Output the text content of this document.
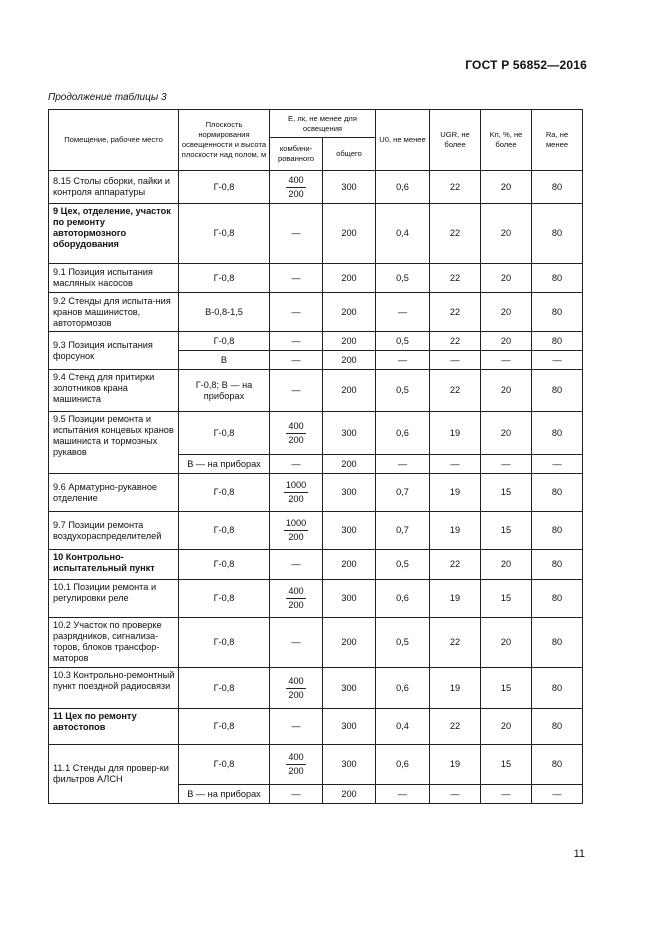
ГОСТ Р 56852—2016
Продолжение таблицы 3
Помещение, рабочее место	Плоскость нормирования освещенности и высота плоскости над полом, м	E, лк, не менее для освещения		U0, не менее	UGR, не более	Kп, %, не более	Ra, не менее
		комбини-рованного	общего				
8.15 Столы сборки, пайки и контроля аппаратуры	Г-0,8	$\frac{400}{200}$	300	0,6	22	20	80
9 Цех, отделение, участок по ремонту автотормозного оборудования	Г-0,8	—	200	0,4	22	20	80
9.1 Позиция испытания масляных насосов	Г-0,8	—	200	0,5	22	20	80
9.2 Стенды для испыта-ния кранов машинистов, автотормозов	В-0,8-1,5	—	200	—	22	20	80
9.3 Позиция испытания форсунок	Г-0,8	—	200	0,5	22	20	80
	В	—	200	—	—	—	—
9.4 Стенд для притирки золотников крана машиниста	Г-0,8; В — на приборах	—	200	0,5	22	20	80
9.5 Позиции ремонта и испытания концевых кранов машиниста и тормозных рукавов	Г-0,8	$\frac{400}{200}$	300	0,6	19	20	80
	В — на приборах	—	200	—	—	—	—
9.6 Арматурно-рукавное отделение	Г-0,8	$\frac{1000}{200}$	300	0,7	19	15	80
9.7 Позиции ремонта воздухораспределителей	Г-0,8	$\frac{1000}{200}$	300	0,7	19	15	80
10 Контрольно-испытательный пункт	Г-0,8	—	200	0,5	22	20	80
10.1 Позиции ремонта и регулировки реле	Г-0,8	$\frac{400}{200}$	300	0,6	19	15	80
10.2 Участок по проверке разрядников, сигнализа-торов, блоков трансфор-маторов	Г-0,8	—	200	0,5	22	20	80
10.3 Контрольно-ремонтный пункт поездной радиосвязи	Г-0,8	$\frac{400}{200}$	300	0,6	19	15	80
11 Цех по ремонту автостопов	Г-0,8	—	300	0,4	22	20	80
11.1 Стенды для провер-ки фильтров АЛСН	Г-0,8	$\frac{400}{200}$	300	0,6	19	15	80
	В — на приборах	—	200	—	—	—	—
11
